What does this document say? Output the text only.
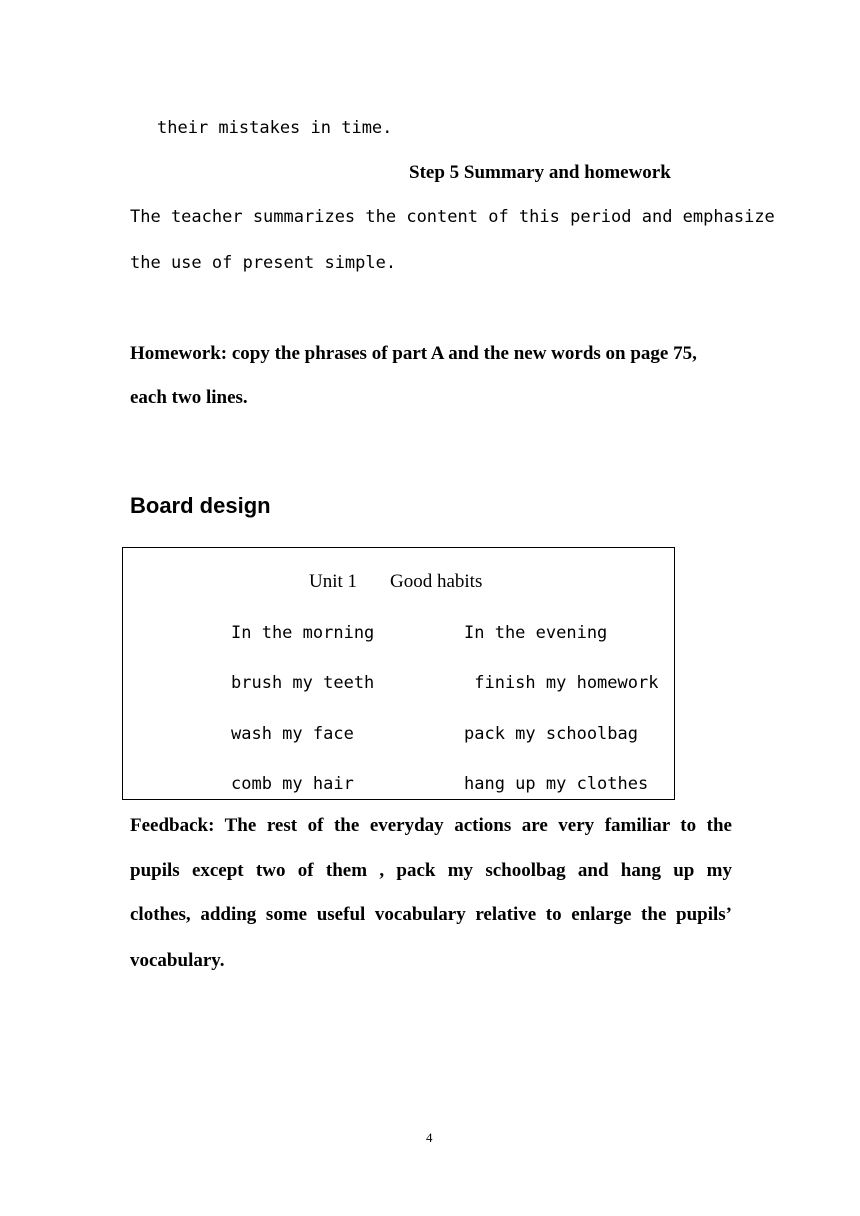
their mistakes in time.
Step 5 Summary and homework
The teacher summarizes the content of this period and emphasize
the use of present simple.
Homework: copy the phrases of part A and the new words on page 75,
each two lines.
Board design
Unit 1 Good habits
In the morning
brush my teeth
wash my face
comb my hair
In the evening
finish my homework
pack my schoolbag
hang up my clothes
Feedback: The rest of the everyday actions are very familiar to the
pupils except two of them , pack my schoolbag and hang up my
clothes, adding some useful vocabulary relative to enlarge the pupils’
vocabulary.
4
